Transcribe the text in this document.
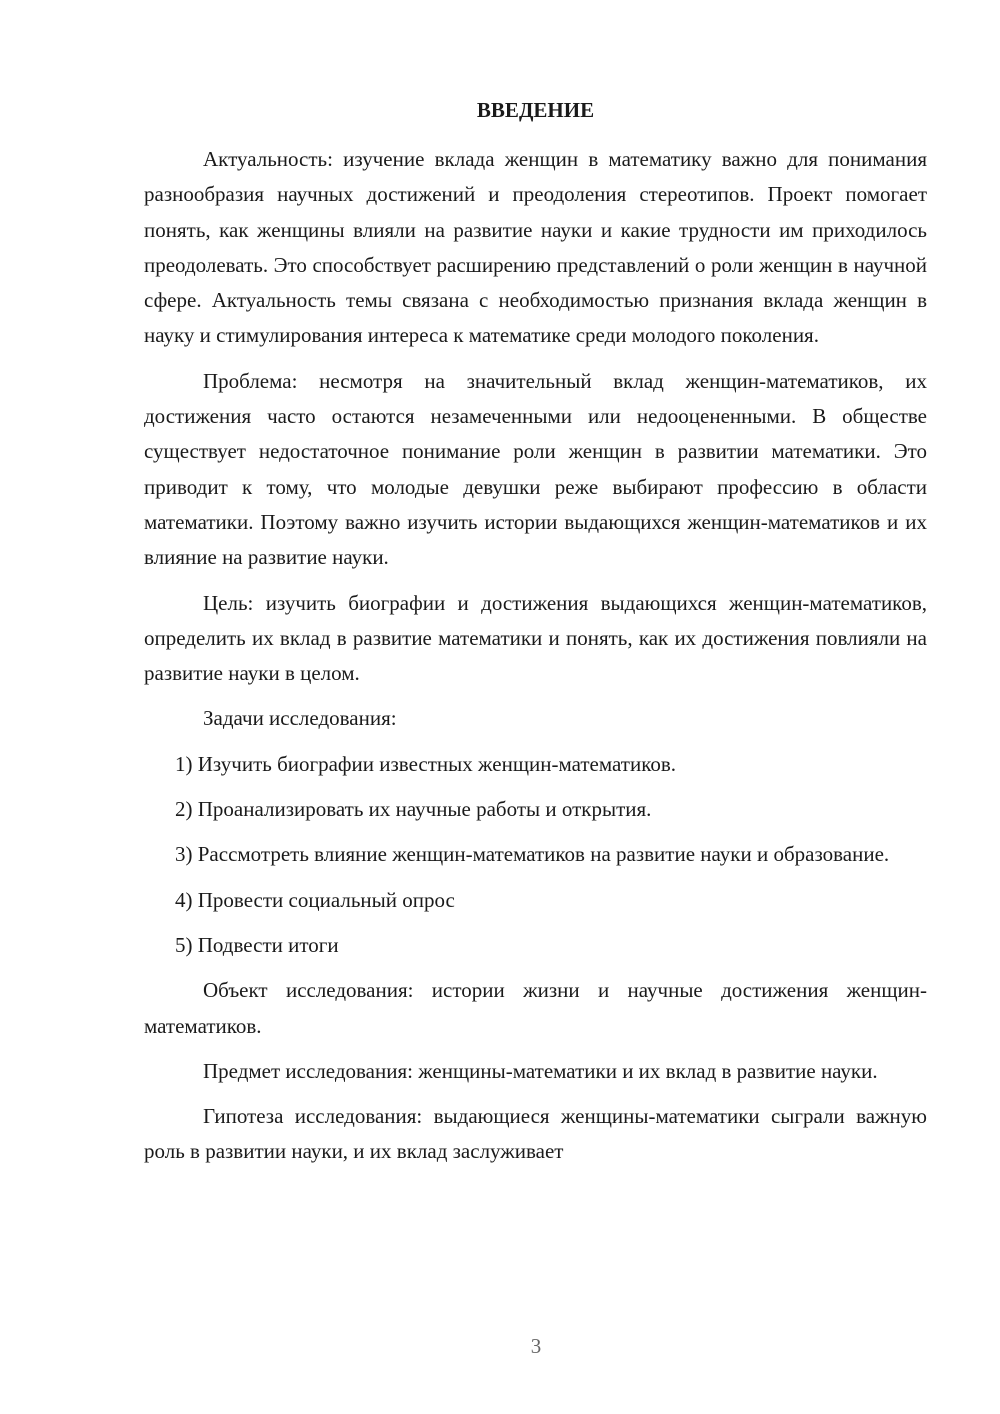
ВВЕДЕНИЕ

Актуальность: изучение вклада женщин в математику важно для понимания разнообразия научных достижений и преодоления стереотипов. Проект помогает понять, как женщины влияли на развитие науки и какие трудности им приходилось преодолевать. Это способствует расширению представлений о роли женщин в научной сфере. Актуальность темы связана с необходимостью признания вклада женщин в науку и стимулирования интереса к математике среди молодого поколения.

Проблема: несмотря на значительный вклад женщин-математиков, их достижения часто остаются незамеченными или недооцененными. В обществе существует недостаточное понимание роли женщин в развитии математики. Это приводит к тому, что молодые девушки реже выбирают профессию в области математики. Поэтому важно изучить истории выдающихся женщин-математиков и их влияние на развитие науки.

Цель: изучить биографии и достижения выдающихся женщин-математиков, определить их вклад в развитие математики и понять, как их достижения повлияли на развитие науки в целом.

Задачи исследования:

1) Изучить биографии известных женщин-математиков.

2) Проанализировать их научные работы и открытия.

3) Рассмотреть влияние женщин-математиков на развитие науки и образование.

4) Провести социальный опрос

5) Подвести итоги

Объект исследования: истории жизни и научные достижения женщин-математиков.

Предмет исследования: женщины-математики и их вклад в развитие науки.

Гипотеза исследования: выдающиеся женщины-математики сыграли важную роль в развитии науки, и их вклад заслуживает

3
